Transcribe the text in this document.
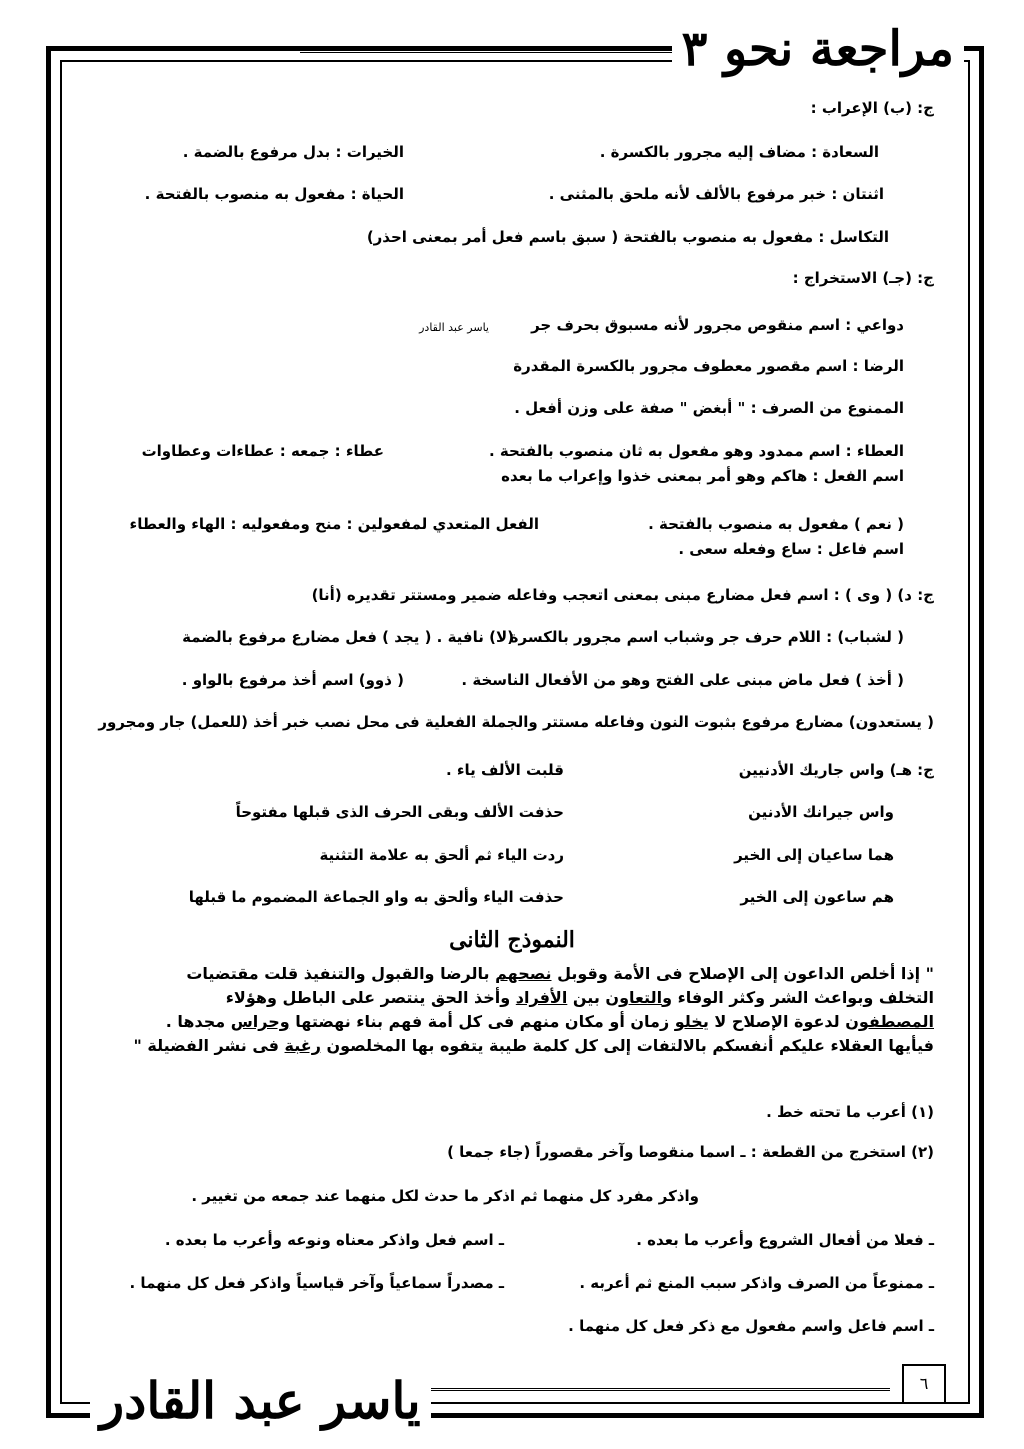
مراجعة نحو ٣
ج: (ب) الإعراب :
السعادة : مضاف إليه مجرور بالكسرة .
الخيرات : بدل مرفوع بالضمة .
اثنتان : خبر مرفوع بالألف لأنه ملحق بالمثنى .
الحياة : مفعول به منصوب بالفتحة .
التكاسل : مفعول به منصوب بالفتحة ( سبق باسم فعل أمر بمعنى احذر)
ج: (جـ) الاستخراج :
دواعي : اسم منقوص مجرور لأنه مسبوق بحرف جر
ياسر عبد القادر
الرضا : اسم مقصور معطوف مجرور بالكسرة المقدرة
الممنوع من الصرف : " أبغض " صفة على وزن أفعل .
العطاء : اسم ممدود وهو مفعول به ثان منصوب بالفتحة .
عطاء : جمعه : عطاءات وعطاوات
اسم الفعل : هاكم وهو أمر بمعنى خذوا وإعراب ما بعده
( نعم ) مفعول به منصوب بالفتحة .
الفعل المتعدي لمفعولين : منح ومفعوليه : الهاء والعطاء
اسم فاعل : ساع وفعله سعى .
ج: د) ( وى ) : اسم فعل مضارع مبنى بمعنى اتعجب وفاعله ضمير ومستتر تقديره (أنا)
( لشباب) : اللام حرف جر وشباب اسم مجرور بالكسرة
(لا) نافية . ( يجد ) فعل مضارع مرفوع بالضمة
( أخذ ) فعل ماض مبنى على الفتح وهو من الأفعال الناسخة .
( ذوو) اسم أخذ مرفوع بالواو .
( يستعدون) مضارع مرفوع بثبوت النون وفاعله مستتر والجملة الفعلية فى محل نصب خبر أخذ (للعمل) جار ومجرور
ج: هـ) واس جاريك الأدنيين
قلبت الألف ياء .
واس جيرانك الأدنين
حذفت الألف وبقى الحرف الذى قبلها مفتوحاً
هما ساعيان إلى الخير
ردت الياء ثم ألحق به علامة التثنية
هم ساعون إلى الخير
حذفت الياء وألحق به واو الجماعة المضموم ما قبلها
النموذج الثانى
" إذا أخلص الداعون إلى الإصلاح فى الأمة وقوبل نصحهم بالرضا والقبول والتنفيذ قلت مقتضيات
التخلف وبواعث الشر وكثر الوفاء والتعاون بين الأفراد وأخذ الحق ينتصر على الباطل وهؤلاء
المصطفون لدعوة الإصلاح لا يخلو زمان أو مكان منهم فى كل أمة فهم بناء نهضتها وحراس مجدها .
فيأيها العقلاء عليكم أنفسكم بالالتفات إلى كل كلمة طيبة يتفوه بها المخلصون رغبة فى نشر الفضيلة "
(١) أعرب ما تحته خط .
(٢) استخرج من القطعة : ـ اسما منقوصا وآخر مقصوراً (جاء جمعا )
واذكر مفرد كل منهما ثم اذكر ما حدث لكل منهما عند جمعه من تغيير .
ـ فعلا من أفعال الشروع وأعرب ما بعده .
ـ اسم فعل واذكر معناه ونوعه وأعرب ما بعده .
ـ ممنوعاً من الصرف واذكر سبب المنع ثم أعربه .
ـ مصدراً سماعياً وآخر قياسياً واذكر فعل كل منهما .
ـ اسم فاعل واسم مفعول مع ذكر فعل كل منهما .
ياسر عبد القادر	٦
